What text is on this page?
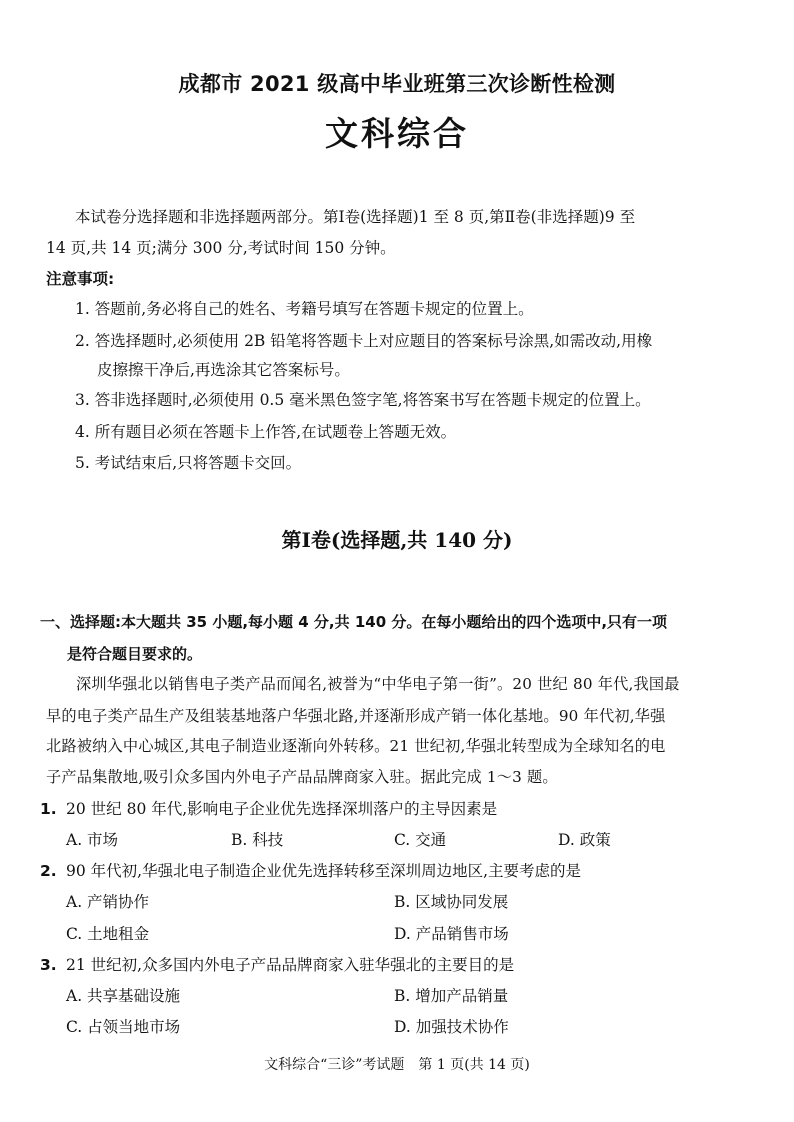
成都市 2021 级高中毕业班第三次诊断性检测
文科综合
本试卷分选择题和非选择题两部分。第Ⅰ卷(选择题)1 至 8 页,第Ⅱ卷(非选择题)9 至
14 页,共 14 页;满分 300 分,考试时间 150 分钟。
注意事项:
1. 答题前,务必将自己的姓名、考籍号填写在答题卡规定的位置上。
2. 答选择题时,必须使用 2B 铅笔将答题卡上对应题目的答案标号涂黑,如需改动,用橡
皮擦擦干净后,再选涂其它答案标号。
3. 答非选择题时,必须使用 0.5 毫米黑色签字笔,将答案书写在答题卡规定的位置上。
4. 所有题目必须在答题卡上作答,在试题卷上答题无效。
5. 考试结束后,只将答题卡交回。
第Ⅰ卷(选择题,共 140 分)
一、选择题:本大题共 35 小题,每小题 4 分,共 140 分。在每小题给出的四个选项中,只有一项
是符合题目要求的。
深圳华强北以销售电子类产品而闻名,被誉为“中华电子第一街”。20 世纪 80 年代,我国最
早的电子类产品生产及组装基地落户华强北路,并逐渐形成产销一体化基地。90 年代初,华强
北路被纳入中心城区,其电子制造业逐渐向外转移。21 世纪初,华强北转型成为全球知名的电
子产品集散地,吸引众多国内外电子产品品牌商家入驻。据此完成 1～3 题。
1. 20 世纪 80 年代,影响电子企业优先选择深圳落户的主导因素是
A. 市场	B. 科技	C. 交通	D. 政策
2. 90 年代初,华强北电子制造企业优先选择转移至深圳周边地区,主要考虑的是
A. 产销协作	B. 区域协同发展
C. 土地租金	D. 产品销售市场
3. 21 世纪初,众多国内外电子产品品牌商家入驻华强北的主要目的是
A. 共享基础设施	B. 增加产品销量
C. 占领当地市场	D. 加强技术协作
文科综合“三诊”考试题　第 1 页(共 14 页)
